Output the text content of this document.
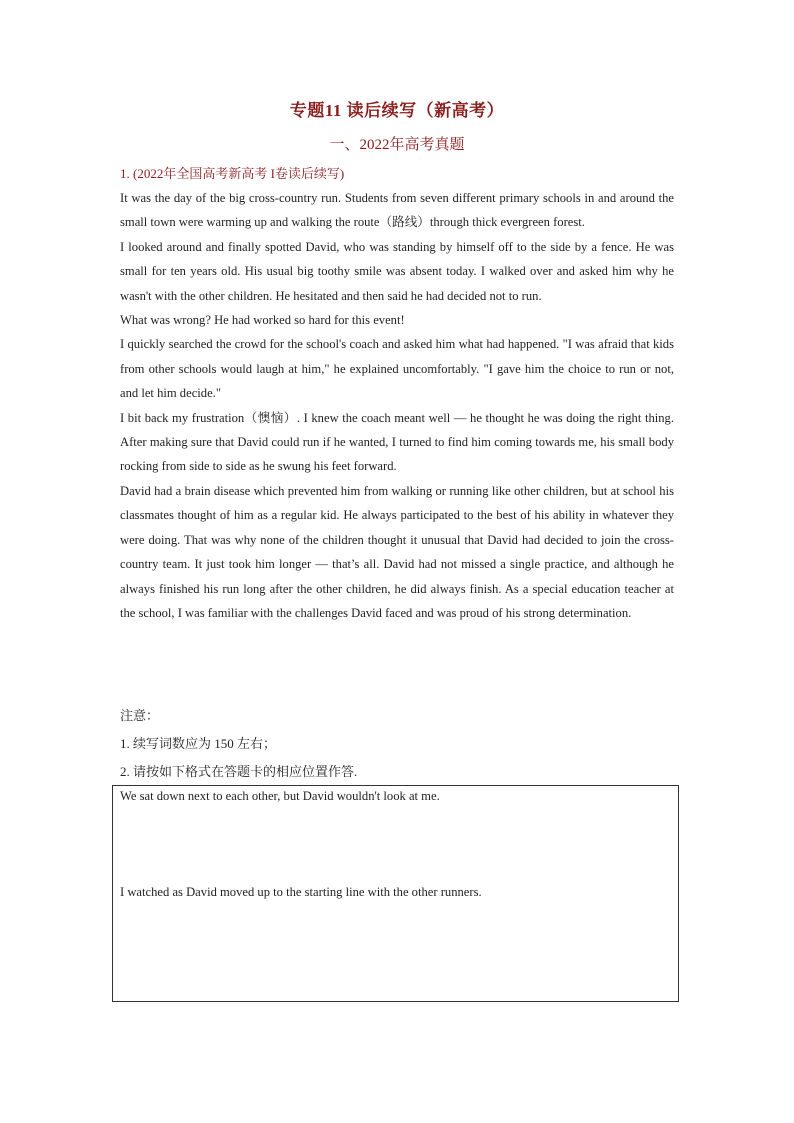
专题11 读后续写（新高考）
一、2022年高考真题
1. (2022年全国高考新高考 I卷读后续写)

It was the day of the big cross-country run. Students from seven different primary schools in and around the small town were warming up and walking the route（路线）through thick evergreen forest.

I looked around and finally spotted David, who was standing by himself off to the side by a fence. He was small for ten years old. His usual big toothy smile was absent today. I walked over and asked him why he wasn't with the other children. He hesitated and then said he had decided not to run.

What was wrong? He had worked so hard for this event!

I quickly searched the crowd for the school's coach and asked him what had happened. "I was afraid that kids from other schools would laugh at him," he explained uncomfortably. "I gave him the choice to run or not, and let him decide."

I bit back my frustration（懊恼）. I knew the coach meant well — he thought he was doing the right thing. After making sure that David could run if he wanted, I turned to find him coming towards me, his small body rocking from side to side as he swung his feet forward.

David had a brain disease which prevented him from walking or running like other children, but at school his classmates thought of him as a regular kid. He always participated to the best of his ability in whatever they were doing. That was why none of the children thought it unusual that David had decided to join the cross-country team. It just took him longer — that’s all. David had not missed a single practice, and although he always finished his run long after the other children, he did always finish. As a special education teacher at the school, I was familiar with the challenges David faced and was proud of his strong determination.

注意：

1. 续写词数应为 150 左右；

2. 请按如下格式在答题卡的相应位置作答.

We sat down next to each other, but David wouldn't look at me.
I watched as David moved up to the starting line with the other runners.
